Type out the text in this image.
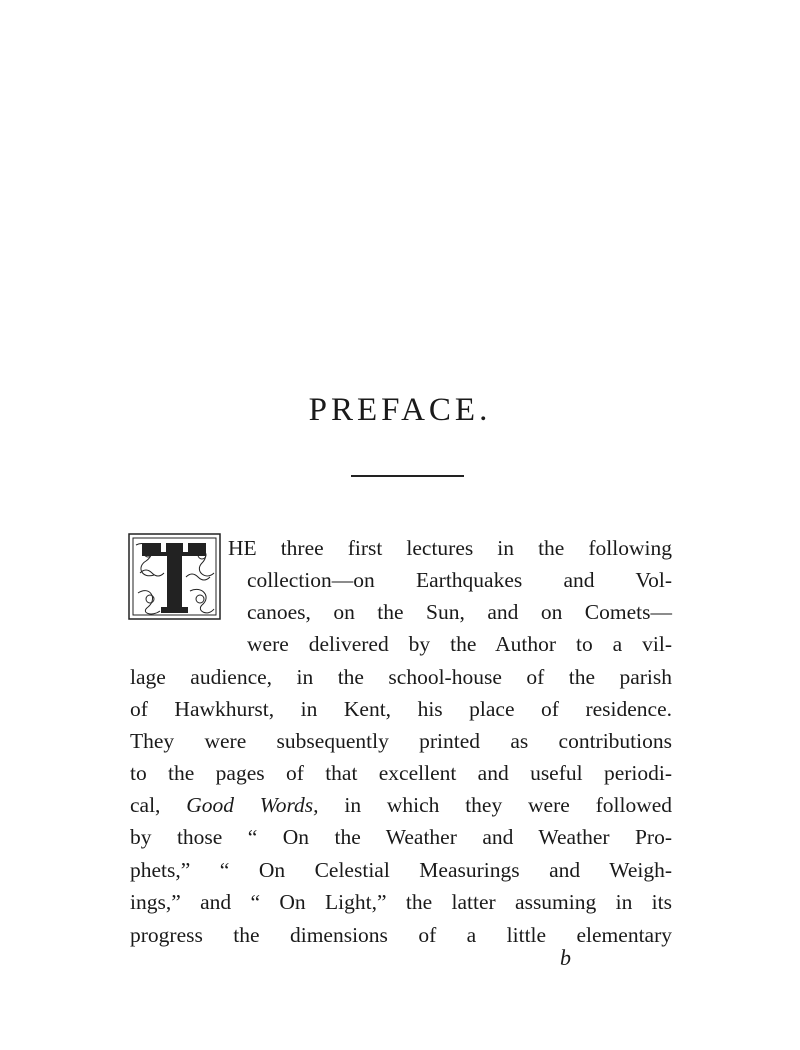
PREFACE.
HE three first lectures in the following
collection—on Earthquakes and Vol-
canoes, on the Sun, and on Comets—
were delivered by the Author to a vil-
lage audience, in the school-house of the parish
of Hawkhurst, in Kent, his place of residence.
They were subsequently printed as contributions
to the pages of that excellent and useful periodi-
cal, Good Words, in which they were followed
by those “ On the Weather and Weather Pro-
phets,” “ On Celestial Measurings and Weigh-
ings,” and “ On Light,” the latter assuming in its
progress the dimensions of a little elementary
b
